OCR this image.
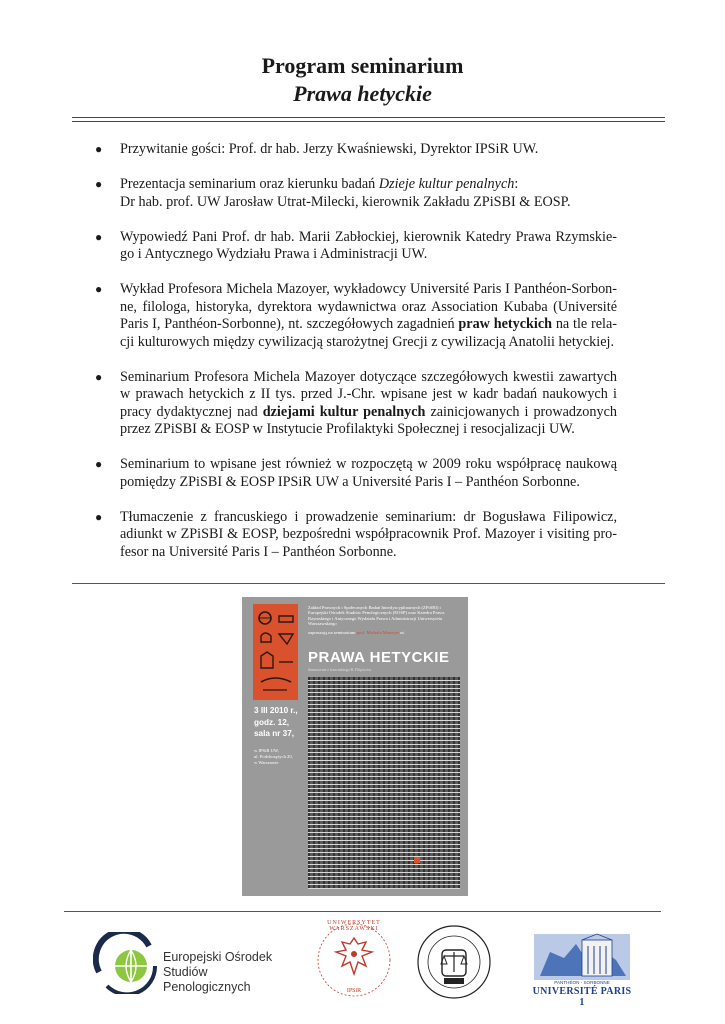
Program seminarium
Prawa hetyckie
● Przywitanie gości: Prof. dr hab. Jerzy Kwaśniewski, Dyrektor IPSiR UW.
● Prezentacja seminarium oraz kierunku badań Dzieje kultur penalnych:
Dr hab. prof. UW Jarosław Utrat-Milecki, kierownik Zakładu ZPiSBI & EOSP.
● Wypowiedź Pani Prof. dr hab. Marii Zabłockiej, kierownik Katedry Prawa Rzymskiego i Antycznego Wydziału Prawa i Administracji UW.
● Wykład Profesora Michela Mazoyer, wykładowcy Université Paris I Panthéon-Sorbonne, filologa, historyka, dyrektora wydawnictwa oraz Association Kubaba (Université Paris I, Panthéon-Sorbonne), nt. szczegółowych zagadnień praw hetyckich na tle relacji kulturowych między cywilizacją starożytnej Grecji z cywilizacją Anatolii hetyckiej.
● Seminarium Profesora Michela Mazoyer dotyczące szczegółowych kwestii zawartych w prawach hetyckich z II tys. przed J.-Chr. wpisane jest w kadr badań naukowych i pracy dydaktycznej nad dziejami kultur penalnych zainicjowanych i prowadzonych przez ZPiSBI & EOSP w Instytucie Profilaktyki Społecznej i resocjalizacji UW.
● Seminarium to wpisane jest również w rozpoczętą w 2009 roku współpracę naukową pomiędzy ZPiSBI & EOSP IPSiR UW a Université Paris I – Panthéon Sorbonne.
● Tłumaczenie z francuskiego i prowadzenie seminarium: dr Bogusława Filipowicz, adiunkt w ZPiSBI & EOSP, bezpośredni współpracownik Prof. Mazoyer i visiting profesor na Université Paris I – Panthéon Sorbonne.
Zakład Prawnych i Społecznych Badań Interdyscyplinarnych (ZPiSBI) i Europejski Ośrodek Studiów Penologicznych (EOSP) oraz Katedra Prawa Rzymskiego i Antycznego Wydziału Prawa i Administracji Uniwersytetu Warszawskiego
zapraszają na seminarium prof. Michela Mazoyer nt.
PRAWA HETYCKIE
tłumaczenie z francuskiego B. Filipowicz
3 III 2010 r.,
godz. 12,
sala nr 37,
w IPSiR UW,
ul. Podchorążych 20,
w Warszawie
Europejski Ośrodek
Studiów Penologicznych
UNIWERSYTET WARSZAWSKI
IPSiR
PANTHÉON - SORBONNE
UNIVERSITÉ PARIS 1
